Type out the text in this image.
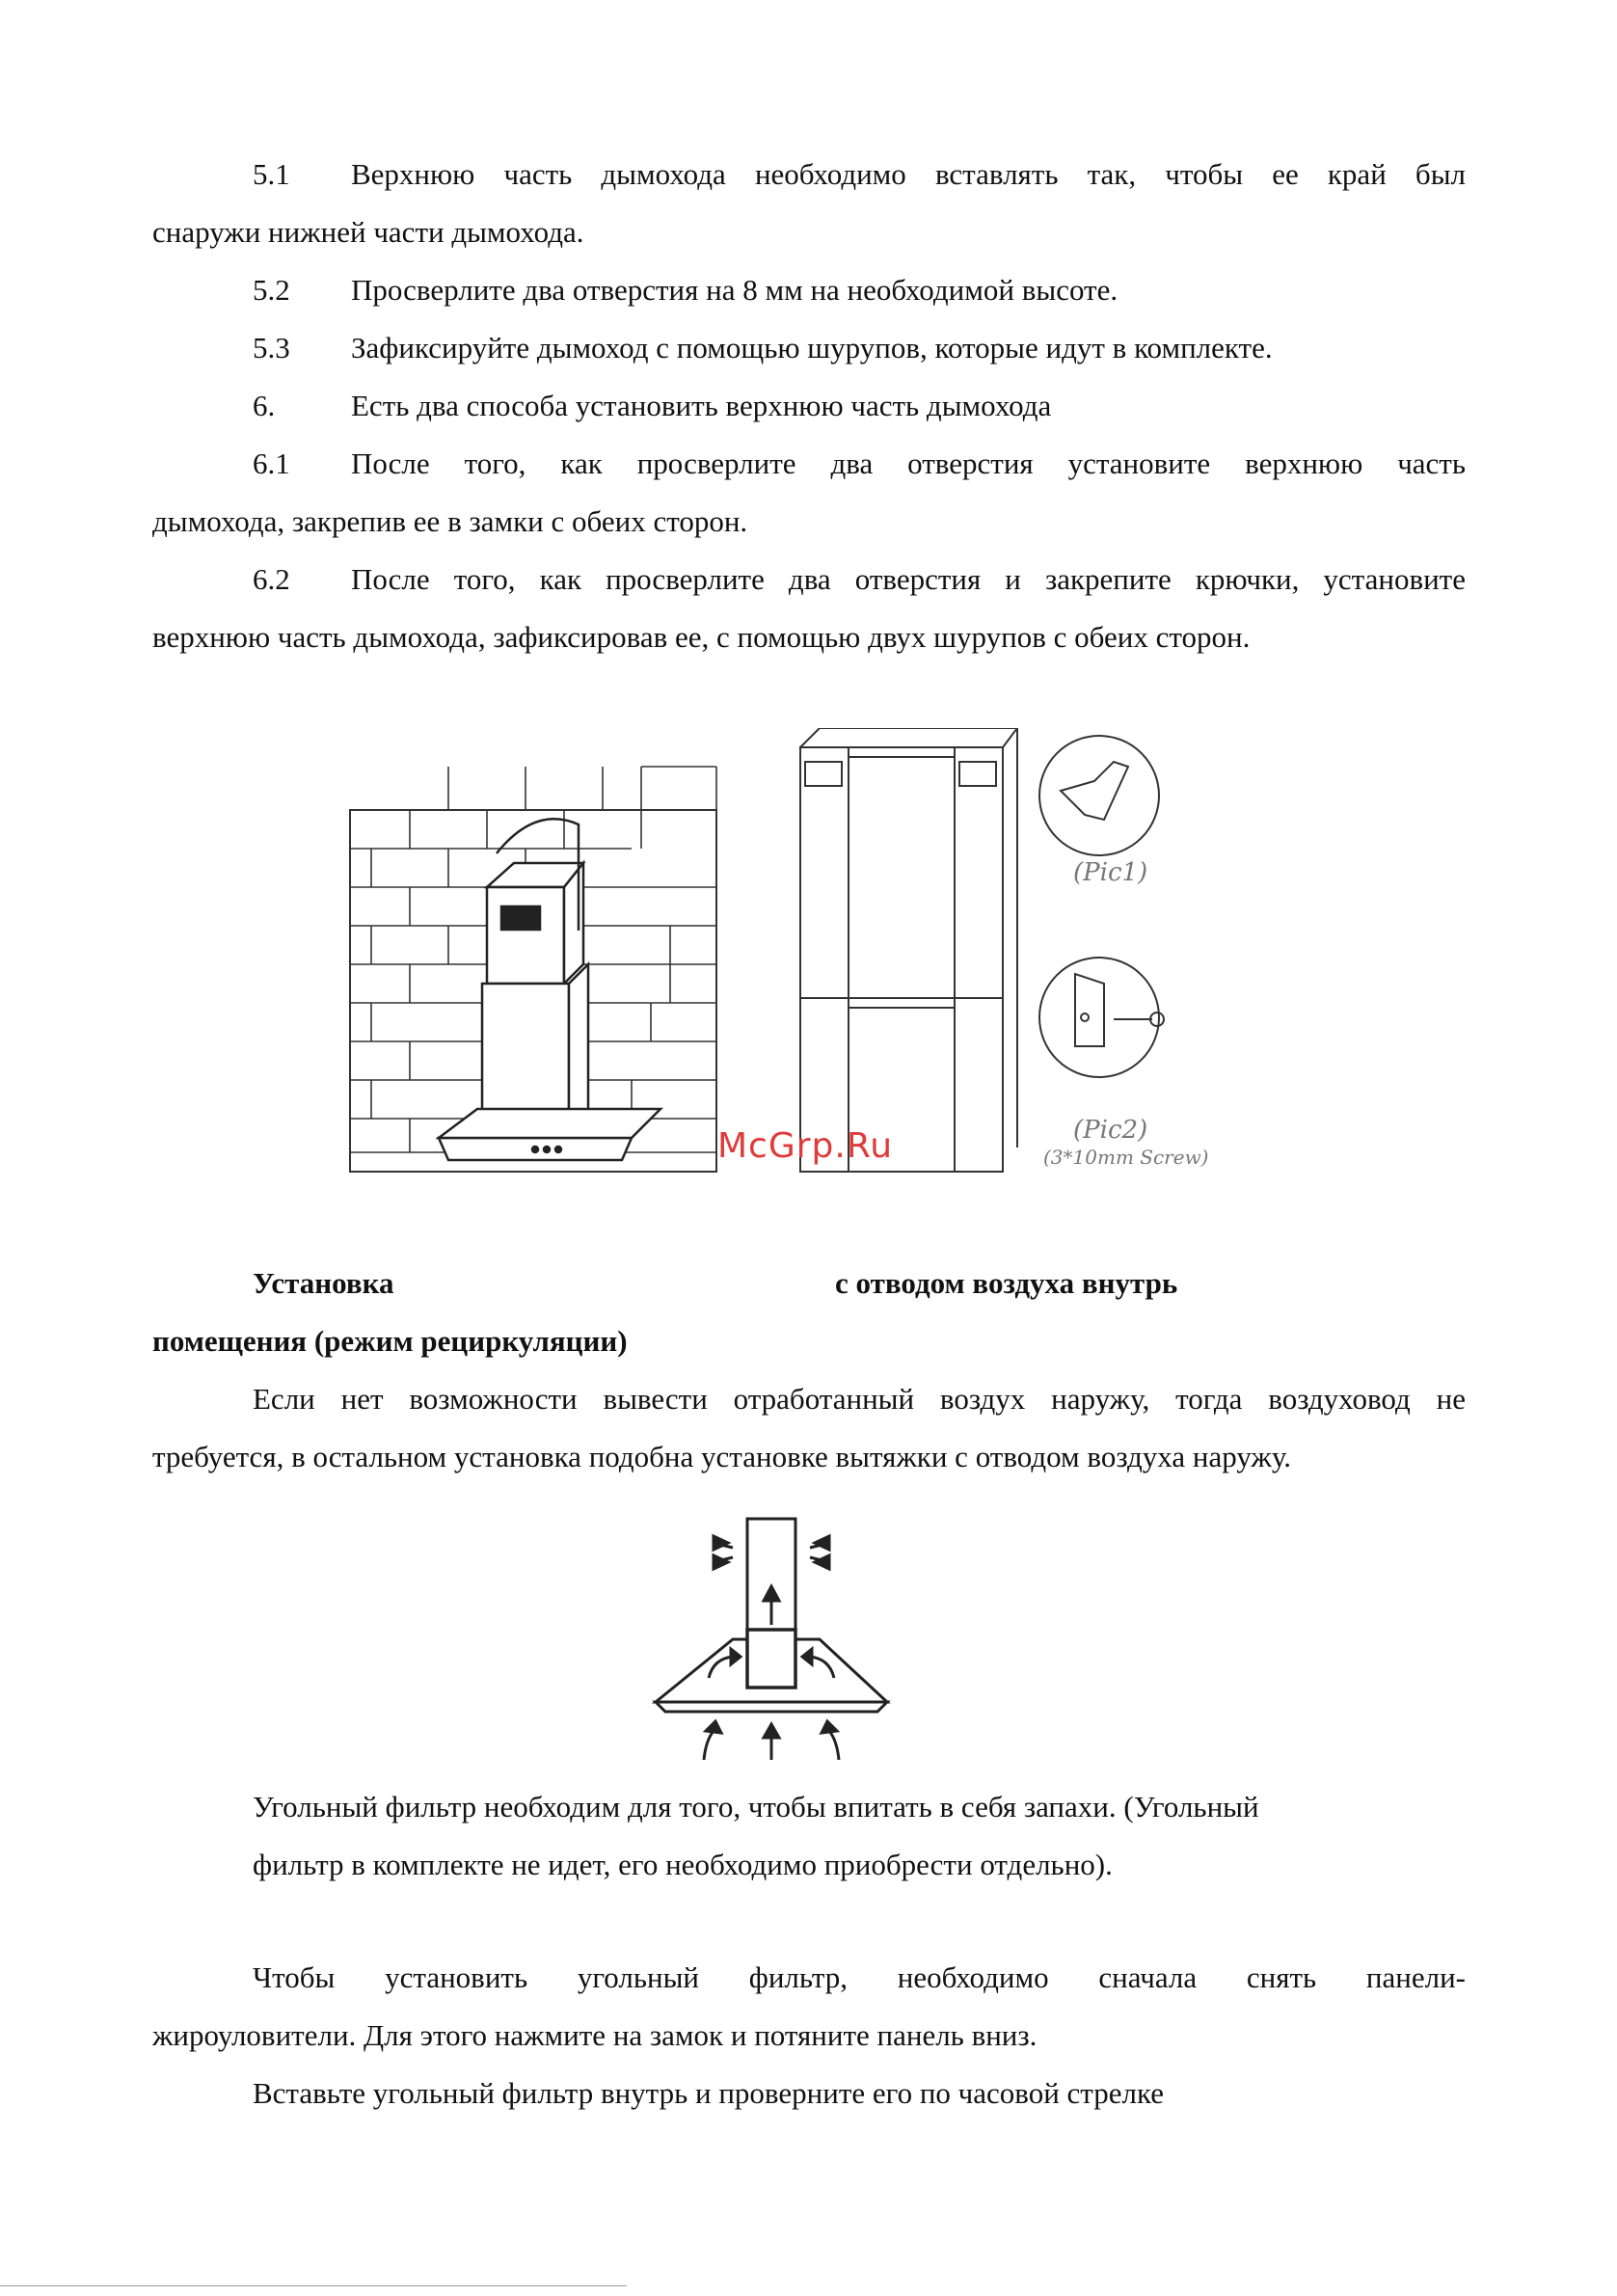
5.1 Верхнюю часть дымохода необходимо вставлять так, чтобы ее край был
снаружи нижней части дымохода.
5.2 Просверлите два отверстия на 8 мм на необходимой высоте.
5.3 Зафиксируйте дымоход с помощью шурупов, которые идут в комплекте.
6.	Есть два способа установить верхнюю часть дымохода
6.1 После того, как просверлите два отверстия установите верхнюю часть
дымохода, закрепив ее в замки с обеих сторон.
6.2 После того, как просверлите два отверстия и закрепите крючки, установите
верхнюю часть дымохода, зафиксировав ее, с помощью двух шурупов с обеих сторон.
(Pic1)
(Pic2)
(3*10mm Screw)
McGrp.Ru
Установка	с отводом воздуха внутрь
помещения (режим рециркуляции)
Если нет возможности вывести отработанный воздух наружу, тогда воздуховод не
требуется, в остальном установка подобна установке вытяжки с отводом воздуха наружу.
Угольный фильтр необходим для того, чтобы впитать в себя запахи. (Угольный
фильтр в комплекте не идет, его необходимо приобрести отдельно).
Чтобы установить угольный фильтр, необходимо сначала снять панели-
жироуловители. Для этого нажмите на замок и потяните панель вниз.
Вставьте угольный фильтр внутрь и проверните его по часовой стрелке
